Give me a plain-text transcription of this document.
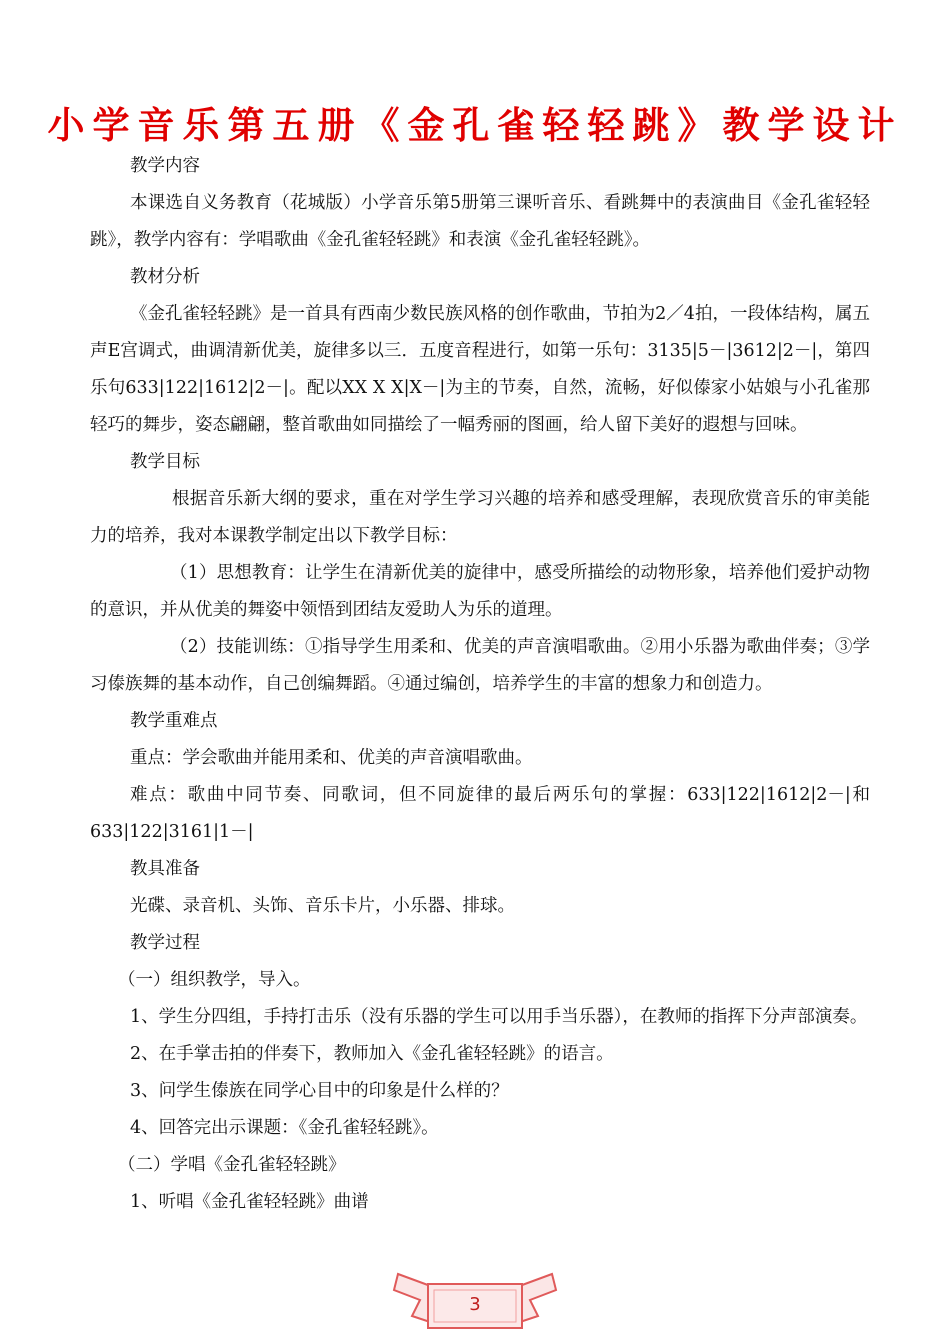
小学音乐第五册《金孔雀轻轻跳》教学设计

教学内容

本课选自义务教育（花城版）小学音乐第5册第三课听音乐、看跳舞中的表演曲目《金孔雀轻轻跳》，教学内容有：学唱歌曲《金孔雀轻轻跳》和表演《金孔雀轻轻跳》。

教材分析

《金孔雀轻轻跳》是一首具有西南少数民族风格的创作歌曲，节拍为2／4拍，一段体结构，属五声E宫调式，曲调清新优美，旋律多以三．五度音程进行，如第一乐句：3135|5－|3612|2－|，第四乐句633|122|1612|2－|。配以XX X X|X－|为主的节奏，自然，流畅，好似傣家小姑娘与小孔雀那轻巧的舞步，姿态翩翩，整首歌曲如同描绘了一幅秀丽的图画，给人留下美好的遐想与回味。

教学目标

根据音乐新大纲的要求，重在对学生学习兴趣的培养和感受理解，表现欣赏音乐的审美能力的培养，我对本课教学制定出以下教学目标：

（1）思想教育：让学生在清新优美的旋律中，感受所描绘的动物形象，培养他们爱护动物的意识，并从优美的舞姿中领悟到团结友爱助人为乐的道理。

（2）技能训练：①指导学生用柔和、优美的声音演唱歌曲。②用小乐器为歌曲伴奏；③学习傣族舞的基本动作，自己创编舞蹈。④通过编创，培养学生的丰富的想象力和创造力。

教学重难点

重点：学会歌曲并能用柔和、优美的声音演唱歌曲。

难点：歌曲中同节奏、同歌词，但不同旋律的最后两乐句的掌握：633|122|1612|2－|和633|122|3161|1－|

教具准备

光碟、录音机、头饰、音乐卡片，小乐器、排球。

教学过程

（一）组织教学，导入。

1、学生分四组，手持打击乐（没有乐器的学生可以用手当乐器），在教师的指挥下分声部演奏。

2、在手掌击拍的伴奏下，教师加入《金孔雀轻轻跳》的语言。

3、问学生傣族在同学心目中的印象是什么样的？

4、回答完出示课题：《金孔雀轻轻跳》。

（二）学唱《金孔雀轻轻跳》

1、听唱《金孔雀轻轻跳》曲谱

3
